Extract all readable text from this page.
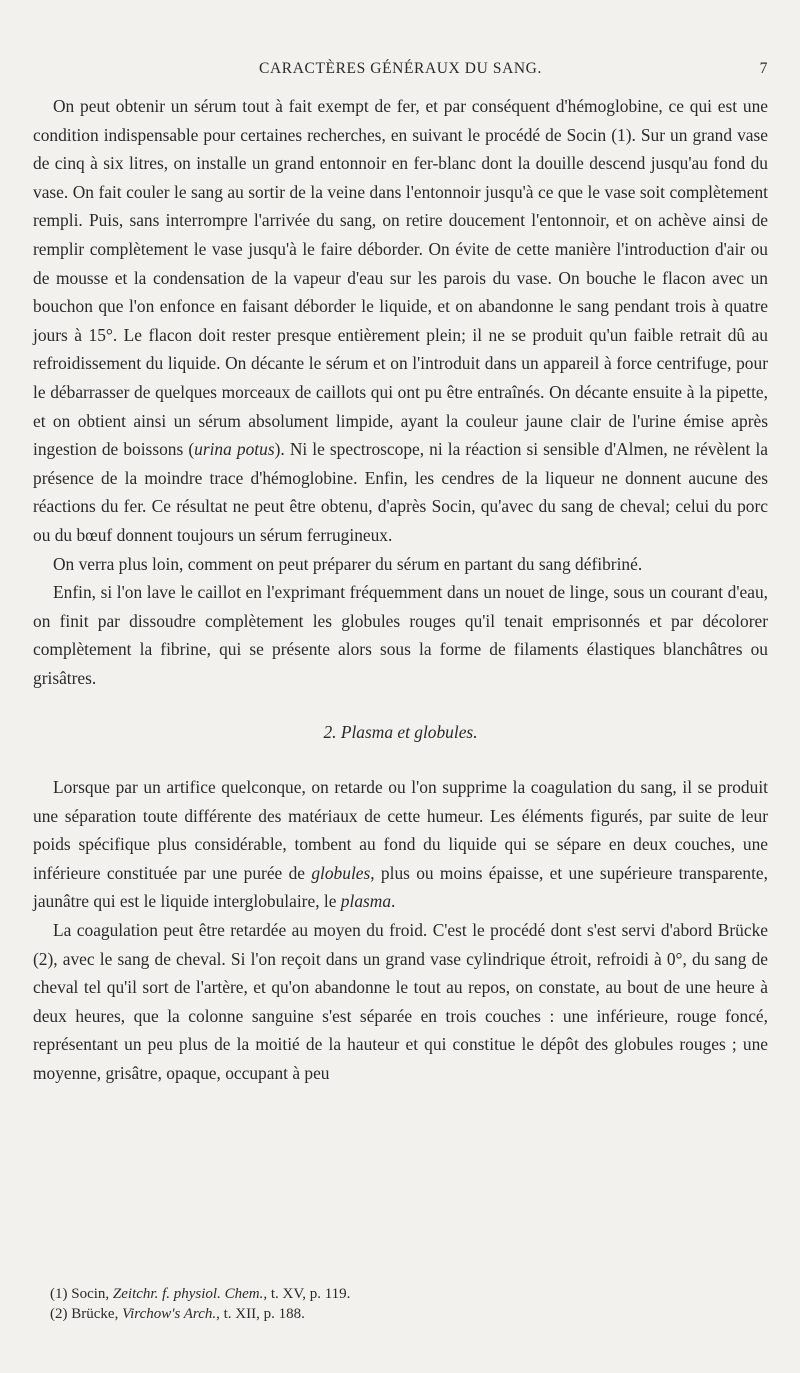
CARACTÈRES GÉNÉRAUX DU SANG.	7

On peut obtenir un sérum tout à fait exempt de fer, et par conséquent d'hémoglobine, ce qui est une condition indispensable pour certaines recherches, en suivant le procédé de Socin (1). Sur un grand vase de cinq à six litres, on installe un grand entonnoir en fer-blanc dont la douille descend jusqu'au fond du vase. On fait couler le sang au sortir de la veine dans l'entonnoir jusqu'à ce que le vase soit complètement rempli. Puis, sans interrompre l'arrivée du sang, on retire doucement l'entonnoir, et on achève ainsi de remplir complètement le vase jusqu'à le faire déborder. On évite de cette manière l'introduction d'air ou de mousse et la condensation de la vapeur d'eau sur les parois du vase. On bouche le flacon avec un bouchon que l'on enfonce en faisant déborder le liquide, et on abandonne le sang pendant trois à quatre jours à 15°. Le flacon doit rester presque entièrement plein; il ne se produit qu'un faible retrait dû au refroidissement du liquide. On décante le sérum et on l'introduit dans un appareil à force centrifuge, pour le débarrasser de quelques morceaux de caillots qui ont pu être entraînés. On décante ensuite à la pipette, et on obtient ainsi un sérum absolument limpide, ayant la couleur jaune clair de l'urine émise après ingestion de boissons (urina potus). Ni le spectroscope, ni la réaction si sensible d'Almen, ne révèlent la présence de la moindre trace d'hémoglobine. Enfin, les cendres de la liqueur ne donnent aucune des réactions du fer. Ce résultat ne peut être obtenu, d'après Socin, qu'avec du sang de cheval; celui du porc ou du bœuf donnent toujours un sérum ferrugineux.

On verra plus loin, comment on peut préparer du sérum en partant du sang défibriné.

Enfin, si l'on lave le caillot en l'exprimant fréquemment dans un nouet de linge, sous un courant d'eau, on finit par dissoudre complètement les globules rouges qu'il tenait emprisonnés et par décolorer complètement la fibrine, qui se présente alors sous la forme de filaments élastiques blanchâtres ou grisâtres.

2. Plasma et globules.

Lorsque par un artifice quelconque, on retarde ou l'on supprime la coagulation du sang, il se produit une séparation toute différente des matériaux de cette humeur. Les éléments figurés, par suite de leur poids spécifique plus considérable, tombent au fond du liquide qui se sépare en deux couches, une inférieure constituée par une purée de globules, plus ou moins épaisse, et une supérieure transparente, jaunâtre qui est le liquide interglobulaire, le plasma.

La coagulation peut être retardée au moyen du froid. C'est le procédé dont s'est servi d'abord Brücke (2), avec le sang de cheval. Si l'on reçoit dans un grand vase cylindrique étroit, refroidi à 0°, du sang de cheval tel qu'il sort de l'artère, et qu'on abandonne le tout au repos, on constate, au bout de une heure à deux heures, que la colonne sanguine s'est séparée en trois couches : une inférieure, rouge foncé, représentant un peu plus de la moitié de la hauteur et qui constitue le dépôt des globules rouges ; une moyenne, grisâtre, opaque, occupant à peu

(1) Socin, Zeitchr. f. physiol. Chem., t. XV, p. 119.
(2) Brücke, Virchow's Arch., t. XII, p. 188.
